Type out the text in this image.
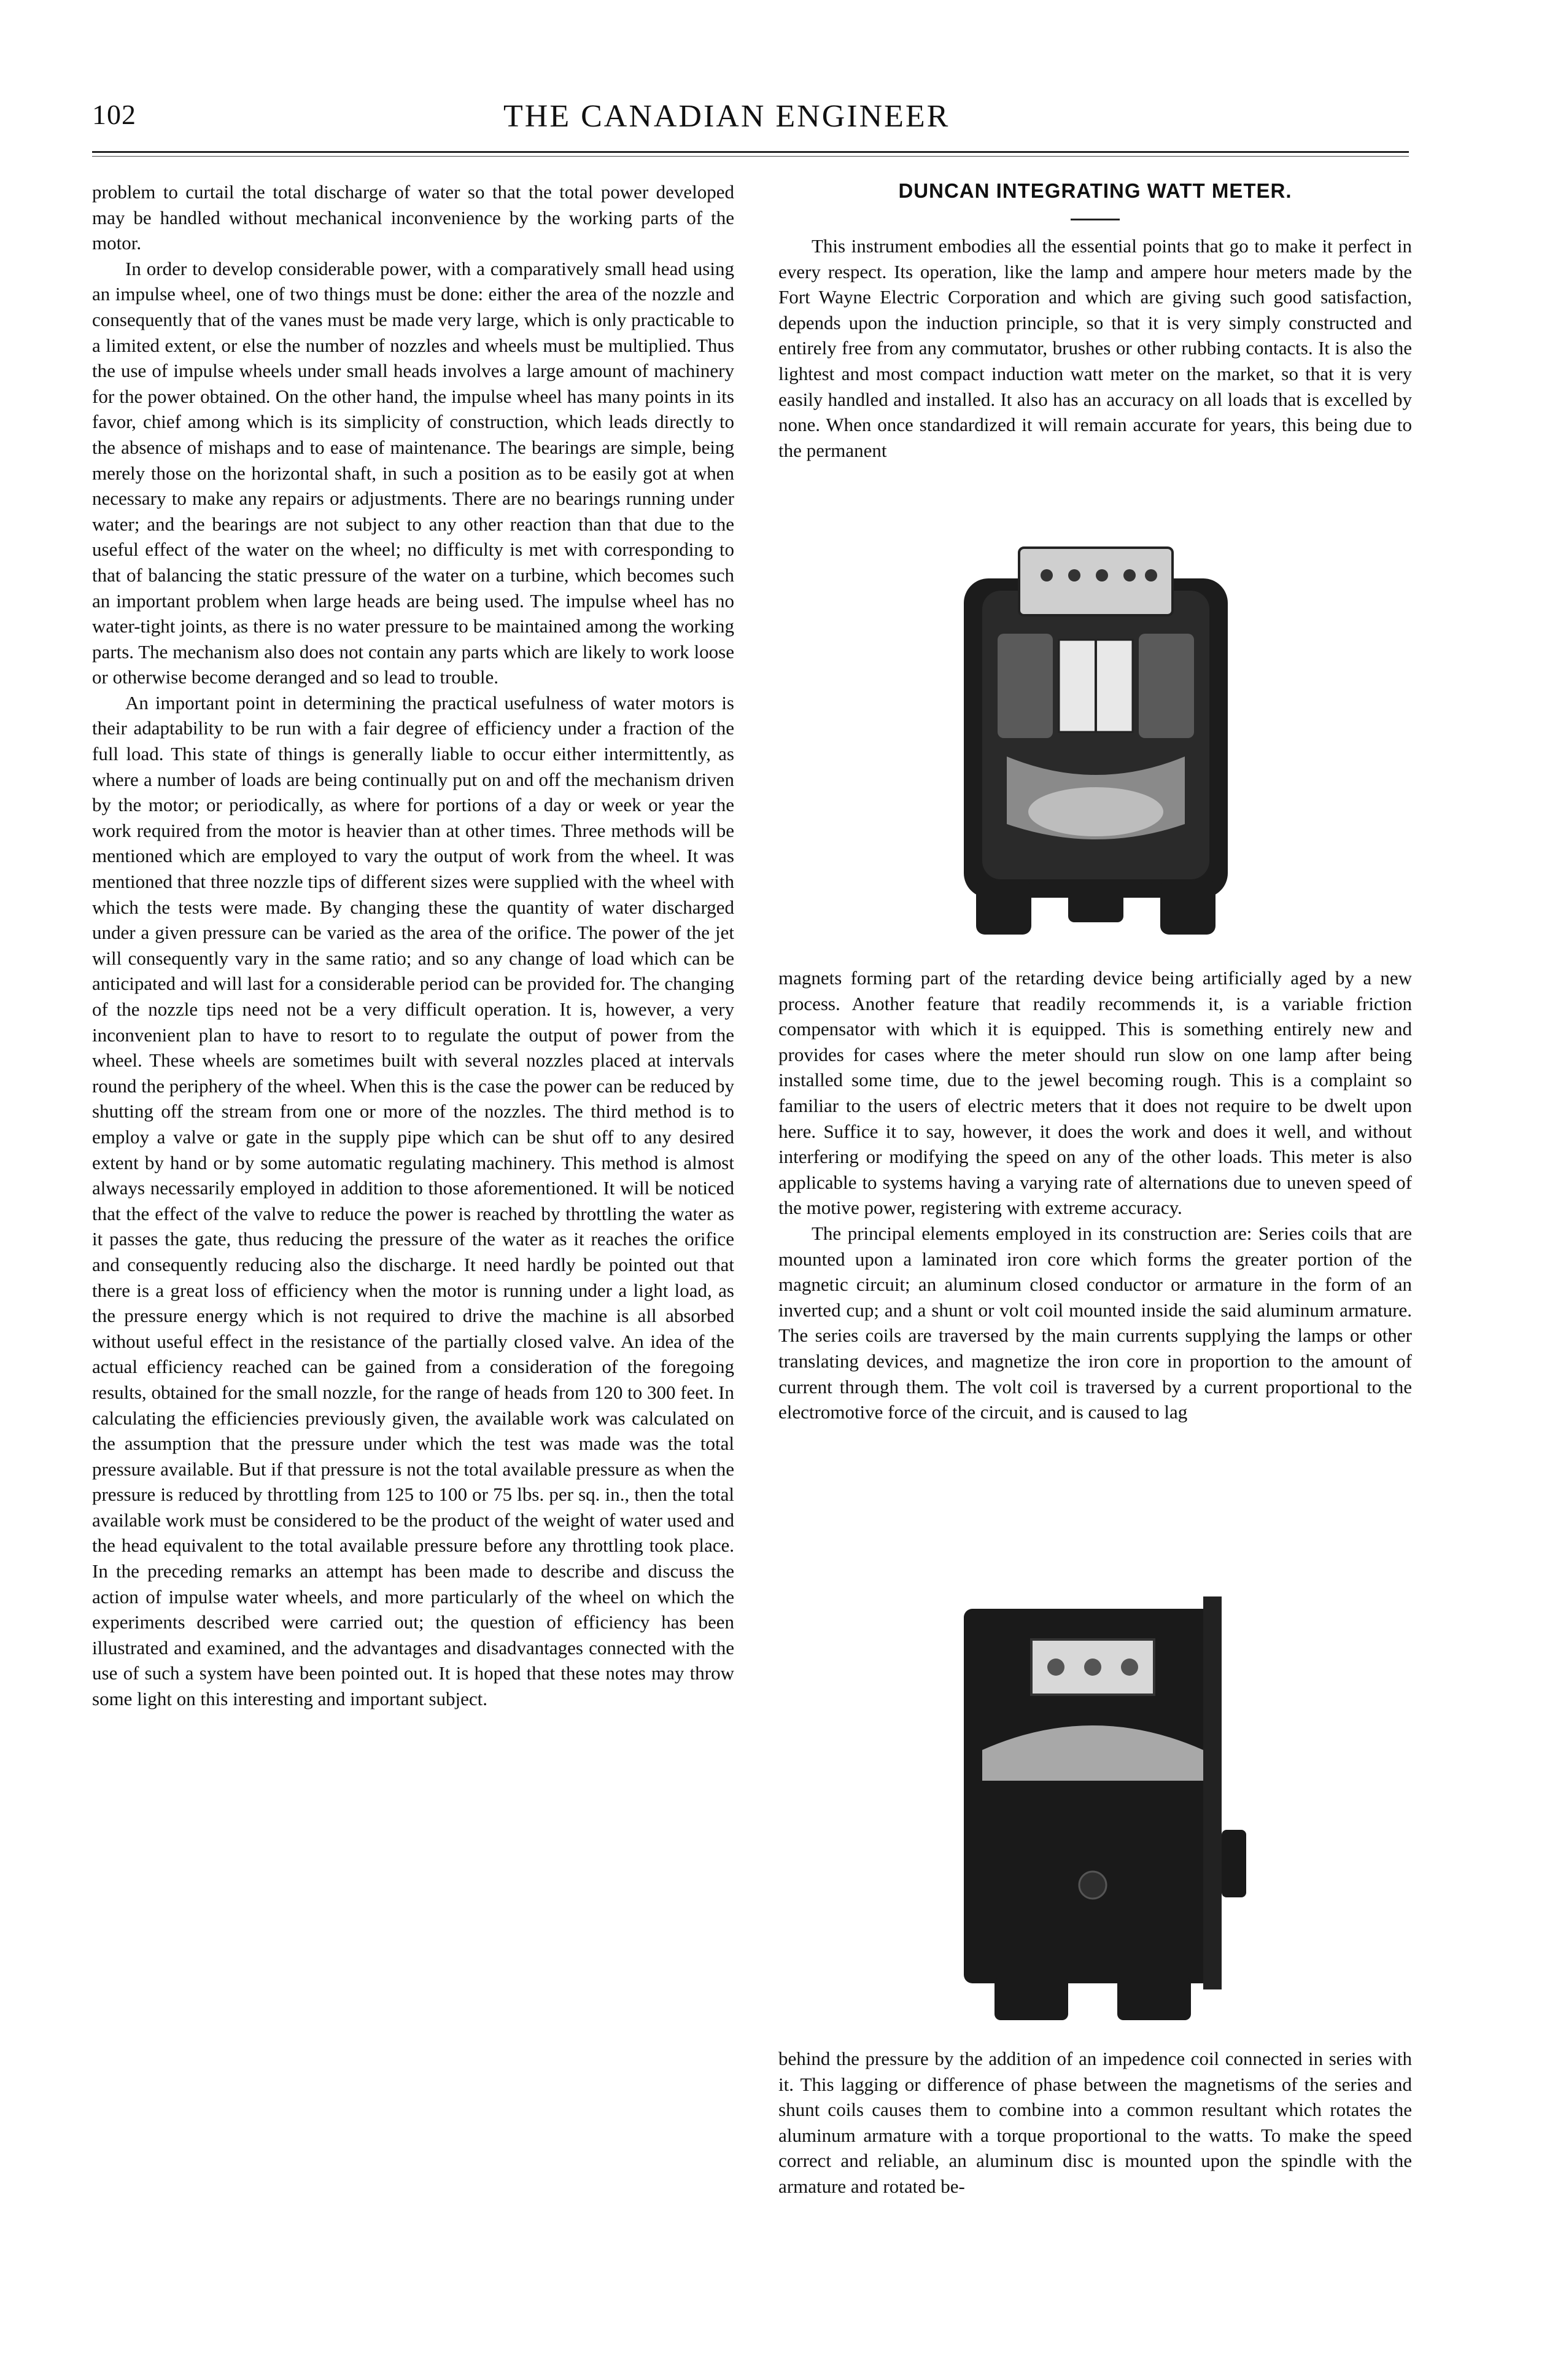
102	THE CANADIAN ENGINEER

problem to curtail the total discharge of water so that the total power developed may be handled without mechanical inconvenience by the working parts of the motor.

In order to develop considerable power, with a comparatively small head using an impulse wheel, one of two things must be done: either the area of the nozzle and consequently that of the vanes must be made very large, which is only practicable to a limited extent, or else the number of nozzles and wheels must be multiplied. Thus the use of impulse wheels under small heads involves a large amount of machinery for the power obtained. On the other hand, the impulse wheel has many points in its favor, chief among which is its simplicity of construction, which leads directly to the absence of mishaps and to ease of maintenance. The bearings are simple, being merely those on the horizontal shaft, in such a position as to be easily got at when necessary to make any repairs or adjustments. There are no bearings running under water; and the bearings are not subject to any other reaction than that due to the useful effect of the water on the wheel; no difficulty is met with corresponding to that of balancing the static pressure of the water on a turbine, which becomes such an important problem when large heads are being used. The impulse wheel has no water-tight joints, as there is no water pressure to be maintained among the working parts. The mechanism also does not contain any parts which are likely to work loose or otherwise become deranged and so lead to trouble.

An important point in determining the practical usefulness of water motors is their adaptability to be run with a fair degree of efficiency under a fraction of the full load. This state of things is generally liable to occur either intermittently, as where a number of loads are being continually put on and off the mechanism driven by the motor; or periodically, as where for portions of a day or week or year the work required from the motor is heavier than at other times. Three methods will be mentioned which are employed to vary the output of work from the wheel. It was mentioned that three nozzle tips of different sizes were supplied with the wheel with which the tests were made. By changing these the quantity of water discharged under a given pressure can be varied as the area of the orifice. The power of the jet will consequently vary in the same ratio; and so any change of load which can be anticipated and will last for a considerable period can be provided for. The changing of the nozzle tips need not be a very difficult operation. It is, however, a very inconvenient plan to have to resort to to regulate the output of power from the wheel. These wheels are sometimes built with several nozzles placed at intervals round the periphery of the wheel. When this is the case the power can be reduced by shutting off the stream from one or more of the nozzles. The third method is to employ a valve or gate in the supply pipe which can be shut off to any desired extent by hand or by some automatic regulating machinery. This method is almost always necessarily employed in addition to those aforementioned. It will be noticed that the effect of the valve to reduce the power is reached by throttling the water as it passes the gate, thus reducing the pressure of the water as it reaches the orifice and consequently reducing also the discharge. It need hardly be pointed out that there is a great loss of efficiency when the motor is running under a light load, as the pressure energy which is not required to drive the machine is all absorbed without useful effect in the resistance of the partially closed valve. An idea of the actual efficiency reached can be gained from a consideration of the foregoing results, obtained for the small nozzle, for the range of heads from 120 to 300 feet. In calculating the efficiencies previously given, the available work was calculated on the assumption that the pressure under which the test was made was the total pressure available. But if that pressure is not the total available pressure as when the pressure is reduced by throttling from 125 to 100 or 75 lbs. per sq. in., then the total available work must be considered to be the product of the weight of water used and the head equivalent to the total available pressure before any throttling took place. In the preceding remarks an attempt has been made to describe and discuss the action of impulse water wheels, and more particularly of the wheel on which the experiments described were carried out; the question of efficiency has been illustrated and examined, and the advantages and disadvantages connected with the use of such a system have been pointed out. It is hoped that these notes may throw some light on this interesting and important subject.

DUNCAN INTEGRATING WATT METER.

This instrument embodies all the essential points that go to make it perfect in every respect. Its operation, like the lamp and ampere hour meters made by the Fort Wayne Electric Corporation and which are giving such good satisfaction, depends upon the induction principle, so that it is very simply constructed and entirely free from any commutator, brushes or other rubbing contacts. It is also the lightest and most compact induction watt meter on the market, so that it is very easily handled and installed. It also has an accuracy on all loads that is excelled by none. When once standardized it will remain accurate for years, this being due to the permanent

magnets forming part of the retarding device being artificially aged by a new process. Another feature that readily recommends it, is a variable friction compensator with which it is equipped. This is something entirely new and provides for cases where the meter should run slow on one lamp after being installed some time, due to the jewel becoming rough. This is a complaint so familiar to the users of electric meters that it does not require to be dwelt upon here. Suffice it to say, however, it does the work and does it well, and without interfering or modifying the speed on any of the other loads. This meter is also applicable to systems having a varying rate of alternations due to uneven speed of the motive power, registering with extreme accuracy.

The principal elements employed in its construction are: Series coils that are mounted upon a laminated iron core which forms the greater portion of the magnetic circuit; an aluminum closed conductor or armature in the form of an inverted cup; and a shunt or volt coil mounted inside the said aluminum armature. The series coils are traversed by the main currents supplying the lamps or other translating devices, and magnetize the iron core in proportion to the amount of current through them. The volt coil is traversed by a current proportional to the electromotive force of the circuit, and is caused to lag

behind the pressure by the addition of an impedence coil connected in series with it. This lagging or difference of phase between the magnetisms of the series and shunt coils causes them to combine into a common resultant which rotates the aluminum armature with a torque proportional to the watts. To make the speed correct and reliable, an aluminum disc is mounted upon the spindle with the armature and rotated be-
